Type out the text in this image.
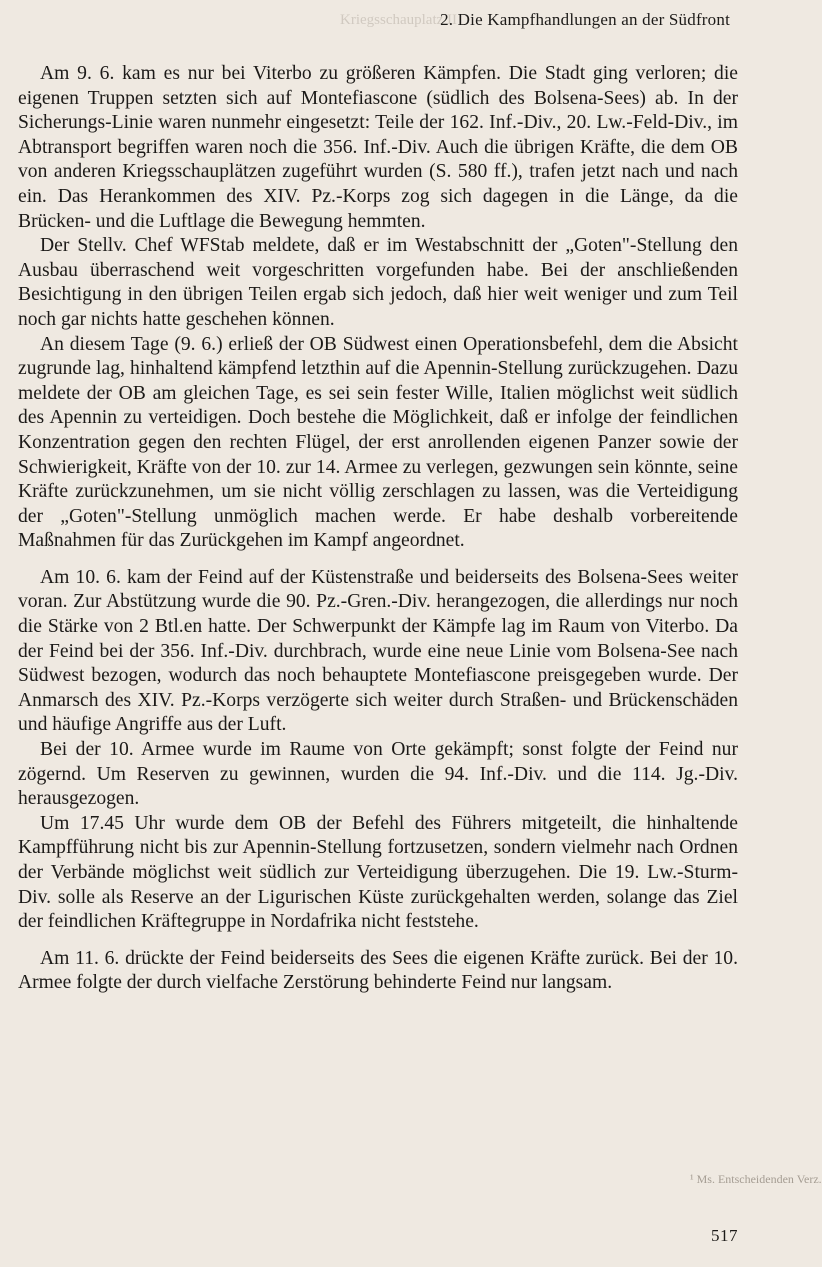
Kriegsschauplatz II
2. Die Kampfhandlungen an der Südfront

Am 9. 6. kam es nur bei Viterbo zu größeren Kämpfen. Die Stadt ging verloren; die eigenen Truppen setzten sich auf Montefiascone (südlich des Bolsena-Sees) ab. In der Sicherungs-Linie waren nunmehr eingesetzt: Teile der 162. Inf.-Div., 20. Lw.-Feld-Div., im Abtransport begriffen waren noch die 356. Inf.-Div. Auch die übrigen Kräfte, die dem OB von anderen Kriegsschauplätzen zugeführt wurden (S. 580 ff.), trafen jetzt nach und nach ein. Das Herankommen des XIV. Pz.-Korps zog sich dagegen in die Länge, da die Brücken- und die Luftlage die Bewegung hemmten.

Der Stellv. Chef WFStab meldete, daß er im Westabschnitt der „Goten"-Stellung den Ausbau überraschend weit vorgeschritten vorgefunden habe. Bei der anschließenden Besichtigung in den übrigen Teilen ergab sich jedoch, daß hier weit weniger und zum Teil noch gar nichts hatte geschehen können.

An diesem Tage (9. 6.) erließ der OB Südwest einen Operationsbefehl, dem die Absicht zugrunde lag, hinhaltend kämpfend letzthin auf die Apennin-Stellung zurückzugehen. Dazu meldete der OB am gleichen Tage, es sei sein fester Wille, Italien möglichst weit südlich des Apennin zu verteidigen. Doch bestehe die Möglichkeit, daß er infolge der feindlichen Konzentration gegen den rechten Flügel, der erst anrollenden eigenen Panzer sowie der Schwierigkeit, Kräfte von der 10. zur 14. Armee zu verlegen, gezwungen sein könnte, seine Kräfte zurückzunehmen, um sie nicht völlig zerschlagen zu lassen, was die Verteidigung der „Goten"-Stellung unmöglich machen werde. Er habe deshalb vorbereitende Maßnahmen für das Zurückgehen im Kampf angeordnet.

Am 10. 6. kam der Feind auf der Küstenstraße und beiderseits des Bolsena-Sees weiter voran. Zur Abstützung wurde die 90. Pz.-Gren.-Div. herangezogen, die allerdings nur noch die Stärke von 2 Btl.en hatte. Der Schwerpunkt der Kämpfe lag im Raum von Viterbo. Da der Feind bei der 356. Inf.-Div. durchbrach, wurde eine neue Linie vom Bolsena-See nach Südwest bezogen, wodurch das noch behauptete Montefiascone preisgegeben wurde. Der Anmarsch des XIV. Pz.-Korps verzögerte sich weiter durch Straßen- und Brückenschäden und häufige Angriffe aus der Luft.

Bei der 10. Armee wurde im Raume von Orte gekämpft; sonst folgte der Feind nur zögernd. Um Reserven zu gewinnen, wurden die 94. Inf.-Div. und die 114. Jg.-Div. herausgezogen.

Um 17.45 Uhr wurde dem OB der Befehl des Führers mitgeteilt, die hinhaltende Kampfführung nicht bis zur Apennin-Stellung fortzusetzen, sondern vielmehr nach Ordnen der Verbände möglichst weit südlich zur Verteidigung überzugehen. Die 19. Lw.-Sturm-Div. solle als Reserve an der Ligurischen Küste zurückgehalten werden, solange das Ziel der feindlichen Kräftegruppe in Nordafrika nicht feststehe.

Am 11. 6. drückte der Feind beiderseits des Sees die eigenen Kräfte zurück. Bei der 10. Armee folgte der durch vielfache Zerstörung behinderte Feind nur langsam.

¹ Ms. Entscheidenden Verz.
517
